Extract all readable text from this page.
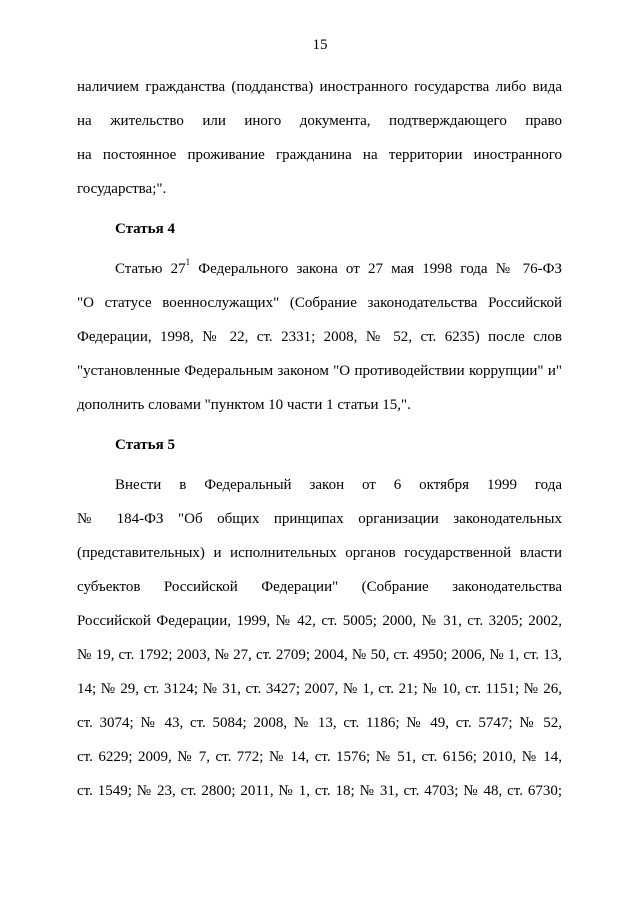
15
наличием гражданства (подданства) иностранного государства либо вида
на жительство или иного документа, подтверждающего право
на постоянное проживание гражданина на территории иностранного
государства;".
Статья 4
Статью $27^1$ Федерального закона от 27 мая 1998 года № 76-ФЗ
"О статусе военнослужащих" (Собрание законодательства Российской
Федерации, 1998, № 22, ст. 2331; 2008, № 52, ст. 6235) после слов
"установленные Федеральным законом "О противодействии коррупции" и"
дополнить словами "пунктом 10 части 1 статьи 15,".
Статья 5
Внести в Федеральный закон от 6 октября 1999 года
№ 184-ФЗ "Об общих принципах организации законодательных
(представительных) и исполнительных органов государственной власти
субъектов Российской Федерации" (Собрание законодательства
Российской Федерации, 1999, № 42, ст. 5005; 2000, № 31, ст. 3205; 2002,
№ 19, ст. 1792; 2003, № 27, ст. 2709; 2004, № 50, ст. 4950; 2006, № 1, ст. 13,
14; № 29, ст. 3124; № 31, ст. 3427; 2007, № 1, ст. 21; № 10, ст. 1151; № 26,
ст. 3074; № 43, ст. 5084; 2008, № 13, ст. 1186; № 49, ст. 5747; № 52,
ст. 6229; 2009, № 7, ст. 772; № 14, ст. 1576; № 51, ст. 6156; 2010, № 14,
ст. 1549; № 23, ст. 2800; 2011, № 1, ст. 18; № 31, ст. 4703; № 48, ст. 6730;
